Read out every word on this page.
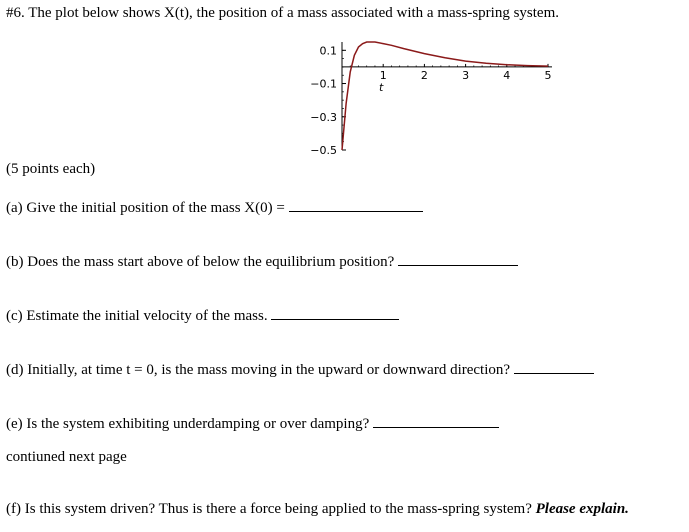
#6. The plot below shows X(t), the position of a mass associated with a mass-spring system.
1	2	3	4	5
0.1
−0.1
−0.3
−0.5
t
(5 points each)
(a) Give the initial position of the mass X(0) =
(b) Does the mass start above of below the equilibrium position?
(c) Estimate the initial velocity of the mass.
(d) Initially, at time t = 0, is the mass moving in the upward or downward direction?
(e) Is the system exhibiting underdamping or over damping?
contiuned next page
(f) Is this system driven? Thus is there a force being applied to the mass-spring system? Please explain.
